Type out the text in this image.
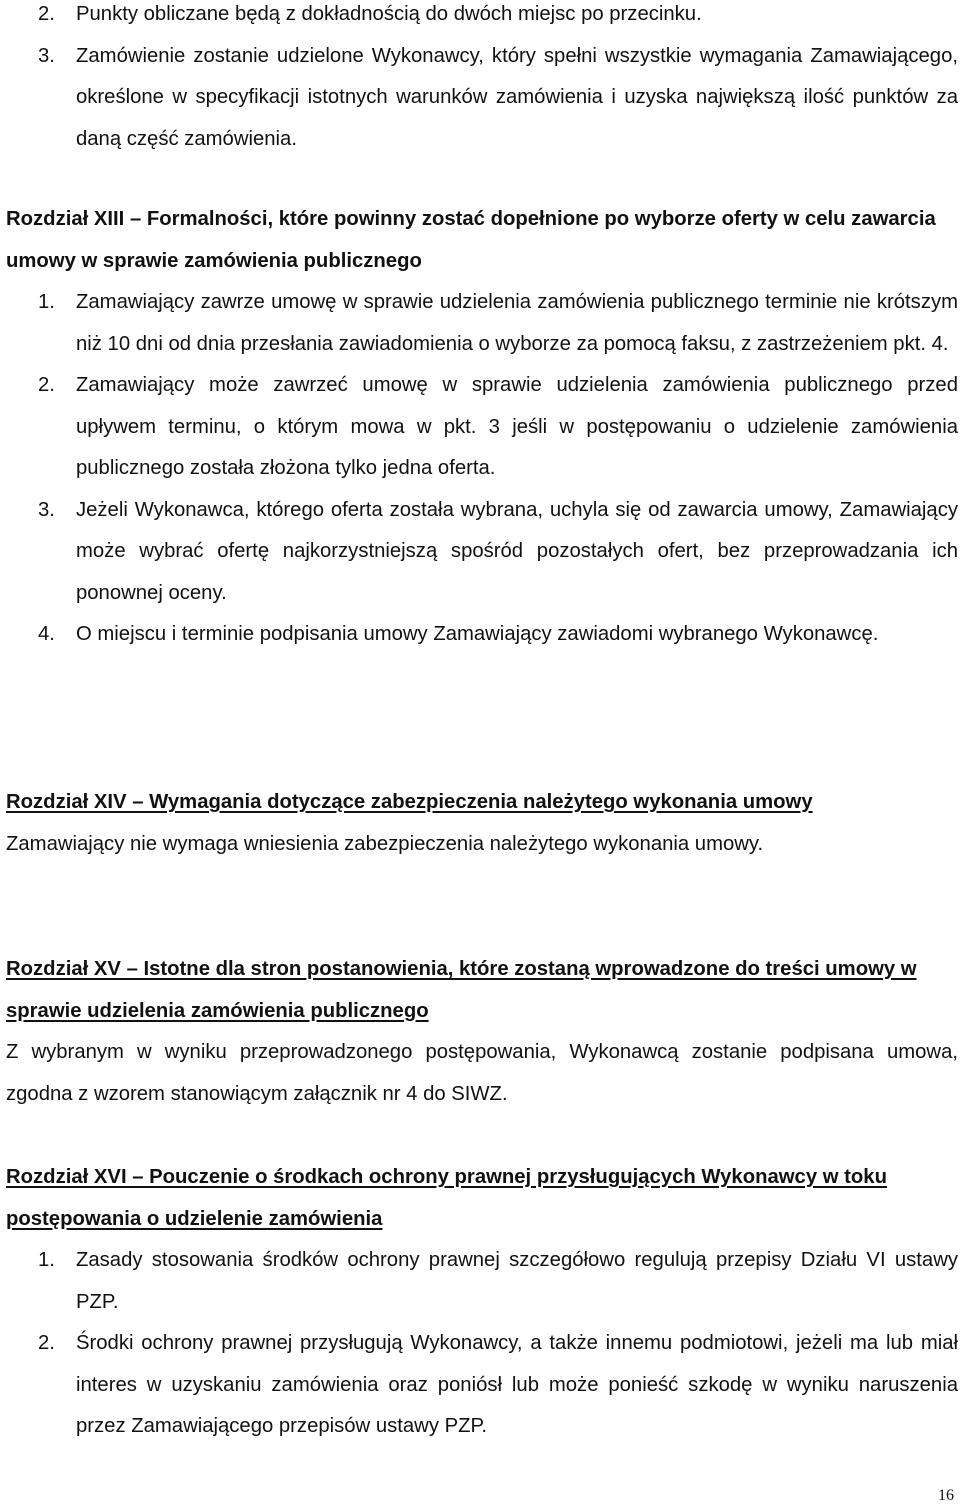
2.	Punkty obliczane będą z dokładnością do dwóch miejsc po przecinku.
3.	Zamówienie zostanie udzielone Wykonawcy, który spełni wszystkie wymagania Zamawiającego, określone w specyfikacji istotnych warunków zamówienia i uzyska największą ilość punktów za daną część zamówienia.

Rozdział XIII – Formalności, które powinny zostać dopełnione po wyborze oferty w celu zawarcia umowy w sprawie zamówienia publicznego

1.	Zamawiający zawrze umowę w sprawie udzielenia zamówienia publicznego terminie nie krótszym niż 10 dni od dnia przesłania zawiadomienia o wyborze za pomocą faksu, z zastrzeżeniem pkt. 4.
2.	Zamawiający może zawrzeć umowę w sprawie udzielenia zamówienia publicznego przed upływem terminu, o którym mowa w pkt. 3 jeśli w postępowaniu o udzielenie zamówienia publicznego została złożona tylko jedna oferta.
3.	Jeżeli Wykonawca, którego oferta została wybrana, uchyla się od zawarcia umowy, Zamawiający może wybrać ofertę najkorzystniejszą spośród pozostałych ofert, bez przeprowadzania ich ponownej oceny.
4.	O miejscu i terminie podpisania umowy Zamawiający zawiadomi wybranego Wykonawcę.

Rozdział XIV – Wymagania dotyczące zabezpieczenia należytego wykonania umowy

Zamawiający nie wymaga wniesienia zabezpieczenia należytego wykonania umowy.

Rozdział XV – Istotne dla stron postanowienia, które zostaną wprowadzone do treści umowy w sprawie udzielenia zamówienia publicznego

Z wybranym w wyniku przeprowadzonego postępowania, Wykonawcą zostanie podpisana umowa, zgodna z wzorem stanowiącym załącznik nr 4 do SIWZ.

Rozdział XVI – Pouczenie o środkach ochrony prawnej przysługujących Wykonawcy w toku postępowania o udzielenie zamówienia

1.	Zasady stosowania środków ochrony prawnej szczegółowo regulują przepisy Działu VI ustawy PZP.
2.	Środki ochrony prawnej przysługują Wykonawcy, a także innemu podmiotowi, jeżeli ma lub miał interes w uzyskaniu zamówienia oraz poniósł lub może ponieść szkodę w wyniku naruszenia przez Zamawiającego przepisów ustawy PZP.
16
